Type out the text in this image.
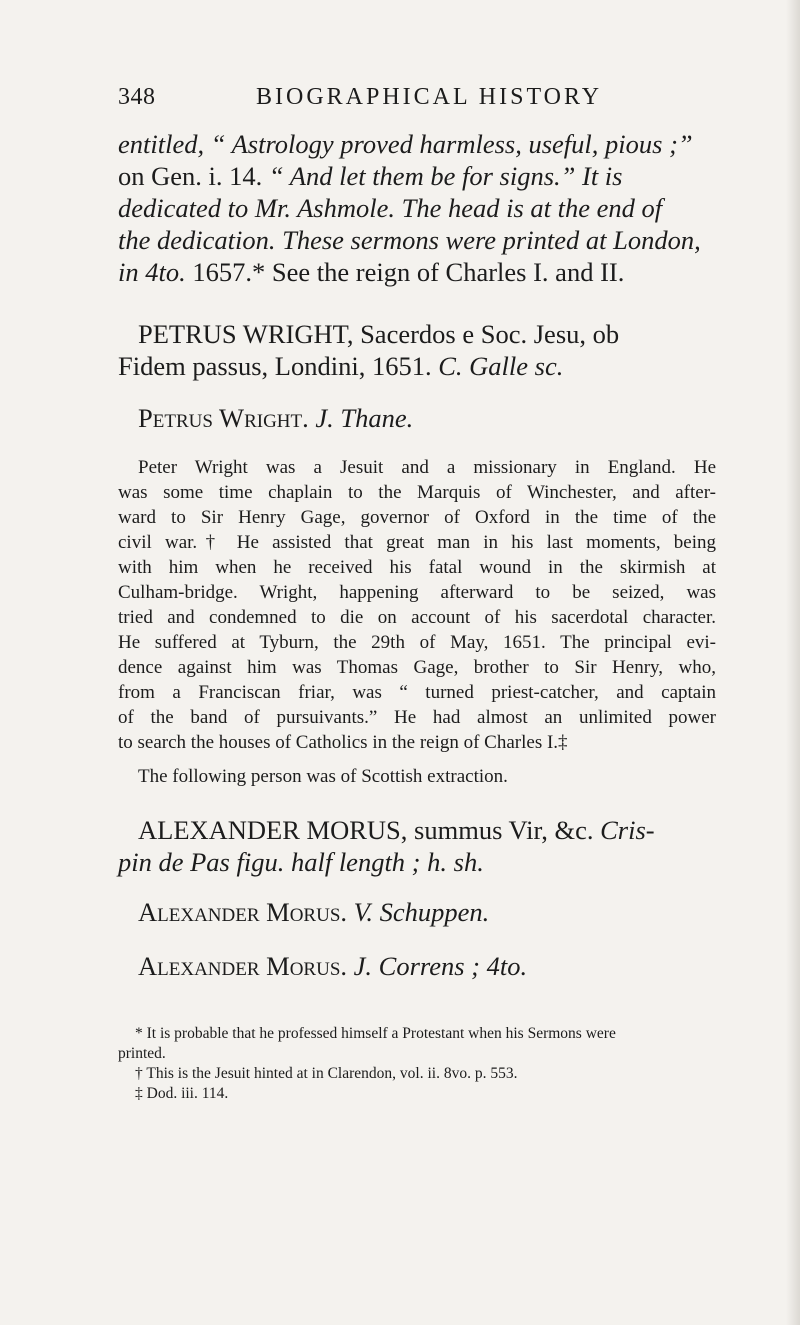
348	BIOGRAPHICAL HISTORY
entitled, “ Astrology proved harmless, useful, pious ;”
on Gen. i. 14. “ And let them be for signs.” It is
dedicated to Mr. Ashmole. The head is at the end of
the dedication. These sermons were printed at London,
in 4to. 1657.* See the reign of Charles I. and II.
PETRUS WRIGHT, Sacerdos e Soc. Jesu, ob
Fidem passus, Londini, 1651. C. Galle sc.
Petrus Wright. J. Thane.
Peter Wright was a Jesuit and a missionary in England. He
was some time chaplain to the Marquis of Winchester, and after-
ward to Sir Henry Gage, governor of Oxford in the time of the
civil war.† He assisted that great man in his last moments, being
with him when he received his fatal wound in the skirmish at
Culham-bridge. Wright, happening afterward to be seized, was
tried and condemned to die on account of his sacerdotal character.
He suffered at Tyburn, the 29th of May, 1651. The principal evi-
dence against him was Thomas Gage, brother to Sir Henry, who,
from a Franciscan friar, was “ turned priest-catcher, and captain
of the band of pursuivants.” He had almost an unlimited power
to search the houses of Catholics in the reign of Charles I.‡
The following person was of Scottish extraction.
ALEXANDER MORUS, summus Vir, &c. Cris-
pin de Pas figu. half length ; h. sh.
Alexander Morus. V. Schuppen.
Alexander Morus. J. Correns ; 4to.
* It is probable that he professed himself a Protestant when his Sermons were
printed.
† This is the Jesuit hinted at in Clarendon, vol. ii. 8vo. p. 553.
‡ Dod. iii. 114.
